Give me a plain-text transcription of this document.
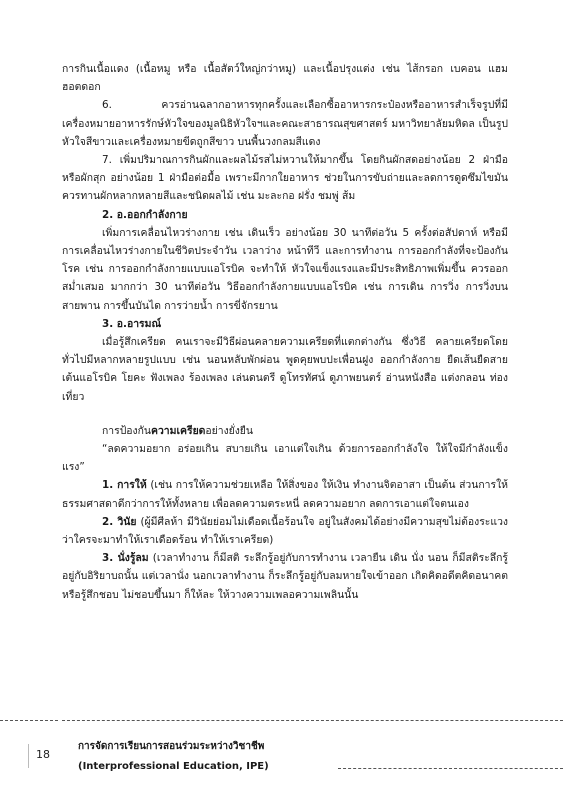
การกินเนื้อแดง (เนื้อหมู หรือ เนื้อสัตว์ใหญ่กว่าหมู) และเนื้อปรุงแต่ง เช่น ไส้กรอก เบคอน แฮม ฮอตดอก

6. ควรอ่านฉลากอาหารทุกครั้งและเลือกซื้ออาหารกระป๋องหรืออาหารสำเร็จรูปที่มีเครื่องหมายอาหารรักษ์หัวใจของมูลนิธิหัวใจฯและคณะสาธารณสุขศาสตร์ มหาวิทยาลัยมหิดล เป็นรูปหัวใจสีขาวและเครื่องหมายขีดถูกสีขาว บนพื้นวงกลมสีแดง

7. เพิ่มปริมาณการกินผักและผลไม้รสไม่หวานให้มากขึ้น โดยกินผักสดอย่างน้อย 2 ฝ่ามือ หรือผักสุก อย่างน้อย 1 ฝ่ามือต่อมื้อ เพราะมีกากใยอาหาร ช่วยในการขับถ่ายและลดการดูดซึมไขมัน ควรทานผักหลากหลายสีและชนิดผลไม้ เช่น มะละกอ ฝรั่ง ชมพู่ ส้ม

2. อ.ออกกำลังกาย

เพิ่มการเคลื่อนไหวร่างกาย เช่น เดินเร็ว อย่างน้อย 30 นาทีต่อวัน 5 ครั้งต่อสัปดาห์ หรือมีการเคลื่อนไหวร่างกายในชีวิตประจำวัน เวลาว่าง หน้าทีวี และการทำงาน การออกกำลังที่จะป้องกันโรค เช่น การออกกำลังกายแบบแอโรบิค จะทำให้ หัวใจแข็งแรงและมีประสิทธิภาพเพิ่มขึ้น ควรออกสม่ำเสมอ มากกว่า 30 นาทีต่อวัน วิธีออกกำลังกายแบบแอโรบิค เช่น การเดิน การวิ่ง การวิ่งบนสายพาน การขึ้นบันได การว่ายน้ำ การขี่จักรยาน

3. อ.อารมณ์

เมื่อรู้สึกเครียด คนเราจะมีวิธีผ่อนคลายความเครียดที่แตกต่างกัน ซึ่งวิธี คลายเครียดโดยทั่วไปมีหลากหลายรูปแบบ เช่น นอนหลับพักผ่อน พูดคุยพบปะเพื่อนฝูง ออกกำลังกาย ยืดเส้นยืดสาย เต้นแอโรบิค โยคะ ฟังเพลง ร้องเพลง เล่นดนตรี ดูโทรทัศน์ ดูภาพยนตร์ อ่านหนังสือ แต่งกลอน ท่องเที่ยว

การป้องกันความเครียดอย่างยั่งยืน

“ลดความอยาก อร่อยเกิน สบายเกิน เอาแต่ใจเกิน ด้วยการออกกำลังใจ ให้ใจมีกำลังแข็งแรง”

1. การให้ (เช่น การให้ความช่วยเหลือ ให้สิ่งของ ให้เงิน ทำงานจิตอาสา เป็นต้น ส่วนการให้ธรรมศาสดาดีกว่าการให้ทั้งหลาย เพื่อลดความตระหนี่ ลดความอยาก ลดการเอาแต่ใจตนเอง

2. วินัย (ผู้มีศีลห้า มีวินัยย่อมไม่เดือดเนื้อร้อนใจ อยู่ในสังคมได้อย่างมีความสุขไม่ต้องระแวงว่าใครจะมาทำให้เราเดือดร้อน ทำให้เราเครียด)

3. นั่งรู้ลม (เวลาทำงาน ก็มีสติ ระลึกรู้อยู่กับการทำงาน เวลายืน เดิน นั่ง นอน ก็มีสติระลึกรู้อยู่กับอิริยาบถนั้น แต่เวลานั่ง นอกเวลาทำงาน ก็ระลึกรู้อยู่กับลมหายใจเข้าออก เกิดคิดอดีตคิดอนาคตหรือรู้สึกชอบ ไม่ชอบขึ้นมา ก็ให้ละ ให้วางความเพลอความเพลินนั้น

18
การจัดการเรียนการสอนร่วมระหว่างวิชาชีพ
(Interprofessional Education, IPE)
